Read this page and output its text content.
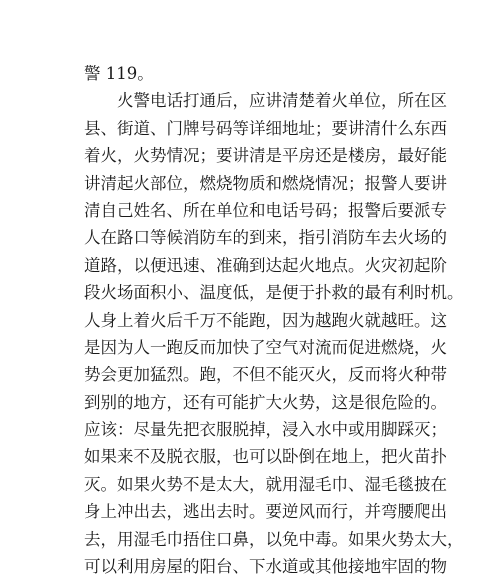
警 119。
火警电话打通后，应讲清楚着火单位，所在区
县、街道、门牌号码等详细地址；要讲清什么东西
着火，火势情况；要讲清是平房还是楼房，最好能
讲清起火部位，燃烧物质和燃烧情况；报警人要讲
清自己姓名、所在单位和电话号码；报警后要派专
人在路口等候消防车的到来，指引消防车去火场的
道路，以便迅速、准确到达起火地点。火灾初起阶
段火场面积小、温度低，是便于扑救的最有利时机。
人身上着火后千万不能跑，因为越跑火就越旺。这
是因为人一跑反而加快了空气对流而促进燃烧，火
势会更加猛烈。跑，不但不能灭火，反而将火种带
到别的地方，还有可能扩大火势，这是很危险的。
应该：尽量先把衣服脱掉，浸入水中或用脚踩灭；
如果来不及脱衣服，也可以卧倒在地上，把火苗扑
灭。如果火势不是太大，就用湿毛巾、湿毛毯披在
身上冲出去，逃出去时。要逆风而行，并弯腰爬出
去，用湿毛巾捂住口鼻，以免中毒。如果火势太大，
可以利用房屋的阳台、下水道或其他接地牢固的物
